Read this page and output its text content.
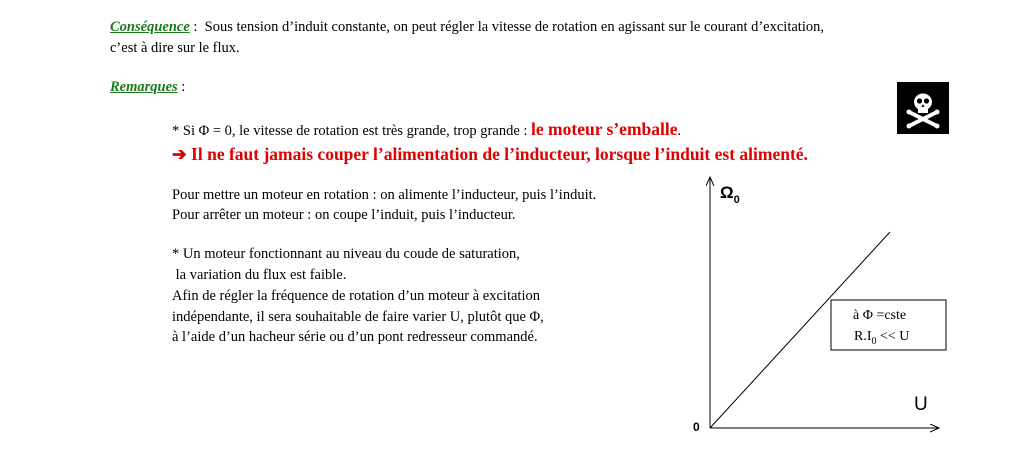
Conséquence : Sous tension d’induit constante, on peut régler la vitesse de rotation en agissant sur le courant d’excitation,
c’est à dire sur le flux.
Remarques :
* Si Φ = 0, le vitesse de rotation est très grande, trop grande : le moteur s’emballe.
➔ Il ne faut jamais couper l’alimentation de l’inducteur, lorsque l’induit est alimenté.
Pour mettre un moteur en rotation : on alimente l’inducteur, puis l’induit.
Pour arrêter un moteur : on coupe l’induit, puis l’inducteur.
* Un moteur fonctionnant au niveau du coude de saturation,
la variation du flux est faible.
Afin de régler la fréquence de rotation d’un moteur à excitation
indépendante, il sera souhaitable de faire varier U, plutôt que Φ,
à l’aide d’un hacheur série ou d’un pont redresseur commandé.
$\Omega_0$
U
0
à Φ =cste
$R.I_0 << U$
